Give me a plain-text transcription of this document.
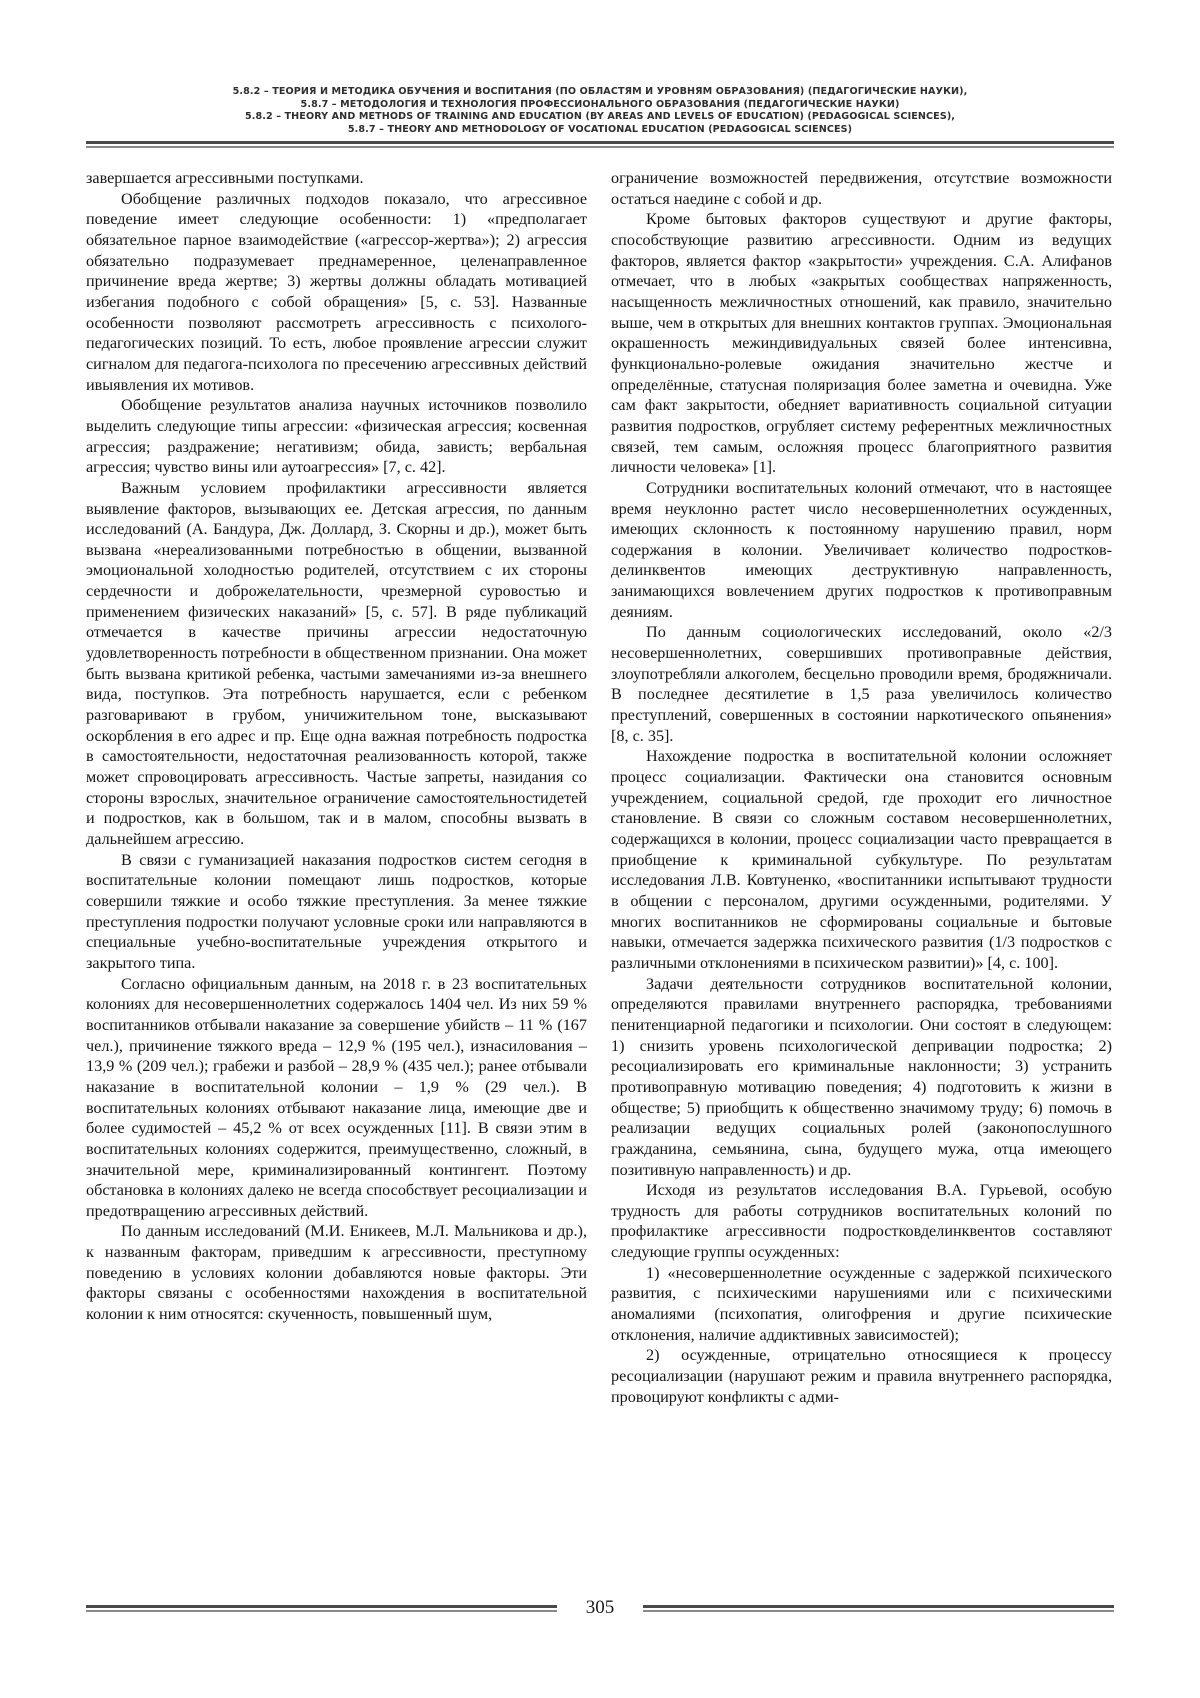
5.8.2 – ТЕОРИЯ И МЕТОДИКА ОБУЧЕНИЯ И ВОСПИТАНИЯ (ПО ОБЛАСТЯМ И УРОВНЯМ ОБРАЗОВАНИЯ) (ПЕДАГОГИЧЕСКИЕ НАУКИ),
5.8.7 – МЕТОДОЛОГИЯ И ТЕХНОЛОГИЯ ПРОФЕССИОНАЛЬНОГО ОБРАЗОВАНИЯ (ПЕДАГОГИЧЕСКИЕ НАУКИ)
5.8.2 – THEORY AND METHODS OF TRAINING AND EDUCATION (BY AREAS AND LEVELS OF EDUCATION) (PEDAGOGICAL SCIENCES),
5.8.7 – THEORY AND METHODOLOGY OF VOCATIONAL EDUCATION (PEDAGOGICAL SCIENCES)

завершается агрессивными поступками.

Обобщение различных подходов показало, что агрессивное поведение имеет следующие особенности: 1) «предполагает обязательное парное взаимодействие («агрессор-жертва»); 2) агрессия обязательно подразумевает преднамеренное, целенаправленное причинение вреда жертве; 3) жертвы должны обладать мотивацией избегания подобного с собой обращения» [5, с. 53]. Названные особенности позволяют рассмотреть агрессивность с психолого-педагогических позиций. То есть, любое проявление агрессии служит сигналом для педагога-психолога по пресечению агрессивных действий ивыявления их мотивов.

Обобщение результатов анализа научных источников позволило выделить следующие типы агрессии: «физическая агрессия; косвенная агрессия; раздражение; негативизм; обида, зависть; вербальная агрессия; чувство вины или аутоагрессия» [7, с. 42].

Важным условием профилактики агрессивности является выявление факторов, вызывающих ее. Детская агрессия, по данным исследований (А. Бандура, Дж. Доллард, З. Скорны и др.), может быть вызвана «нереализованными потребностью в общении, вызванной эмоциональной холодностью родителей, отсутствием с их стороны сердечности и доброжелательности, чрезмерной суровостью и применением физических наказаний» [5, с. 57]. В ряде публикаций отмечается в качестве причины агрессии недостаточную удовлетворенность потребности в общественном признании. Она может быть вызвана критикой ребенка, частыми замечаниями из-за внешнего вида, поступков. Эта потребность нарушается, если с ребенком разговаривают в грубом, уничижительном тоне, высказывают оскорбления в его адрес и пр. Еще одна важная потребность подростка в самостоятельности, недостаточная реализованность которой, также может спровоцировать агрессивность. Частые запреты, назидания со стороны взрослых, значительное ограничение самостоятельностидетей и подростков, как в большом, так и в малом, способны вызвать в дальнейшем агрессию.

В связи с гуманизацией наказания подростков систем сегодня в воспитательные колонии помещают лишь подростков, которые совершили тяжкие и особо тяжкие преступления. За менее тяжкие преступления подростки получают условные сроки или направляются в специальные учебно-воспитательные учреждения открытого и закрытого типа.

Согласно официальным данным, на 2018 г. в 23 воспитательных колониях для несовершеннолетних содержалось 1404 чел. Из них 59 % воспитанников отбывали наказание за совершение убийств – 11 % (167 чел.), причинение тяжкого вреда – 12,9 % (195 чел.), изнасилования – 13,9 % (209 чел.); грабежи и разбой – 28,9 % (435 чел.); ранее отбывали наказание в воспитательной колонии – 1,9 % (29 чел.). В воспитательных колониях отбывают наказание лица, имеющие две и более судимостей – 45,2 % от всех осужденных [11]. В связи этим в воспитательных колониях содержится, преимущественно, сложный, в значительной мере, криминализированный контингент. Поэтому обстановка в колониях далеко не всегда способствует ресоциализации и предотвращению агрессивных действий.

По данным исследований (М.И. Еникеев, М.Л. Мальникова и др.), к названным факторам, приведшим к агрессивности, преступному поведению в условиях колонии добавляются новые факторы. Эти факторы связаны с особенностями нахождения в воспитательной колонии к ним относятся: скученность, повышенный шум,

ограничение возможностей передвижения, отсутствие возможности остаться наедине с собой и др.

Кроме бытовых факторов существуют и другие факторы, способствующие развитию агрессивности. Одним из ведущих факторов, является фактор «закрытости» учреждения. С.А. Алифанов отмечает, что в любых «закрытых сообществах напряженность, насыщенность межличностных отношений, как правило, значительно выше, чем в открытых для внешних контактов группах. Эмоциональная окрашенность межиндивидуальных связей более интенсивна, функционально-ролевые ожидания значительно жестче и определённые, статусная поляризация более заметна и очевидна. Уже сам факт закрытости, обедняет вариативность социальной ситуации развития подростков, огрубляет систему референтных межличностных связей, тем самым, осложняя процесс благоприятного развития личности человека» [1].

Сотрудники воспитательных колоний отмечают, что в настоящее время неуклонно растет число несовершеннолетних осужденных, имеющих склонность к постоянному нарушению правил, норм содержания в колонии. Увеличивает количество подростков-делинквентов имеющих деструктивную направленность, занимающихся вовлечением других подростков к противоправным деяниям.

По данным социологических исследований, около «2/3 несовершеннолетних, совершивших противоправные действия, злоупотребляли алкоголем, бесцельно проводили время, бродяжничали. В последнее десятилетие в 1,5 раза увеличилось количество преступлений, совершенных в состоянии наркотического опьянения» [8, с. 35].

Нахождение подростка в воспитательной колонии осложняет процесс социализации. Фактически она становится основным учреждением, социальной средой, где проходит его личностное становление. В связи со сложным составом несовершеннолетних, содержащихся в колонии, процесс социализации часто превращается в приобщение к криминальной субкультуре. По результатам исследования Л.В. Ковтуненко, «воспитанники испытывают трудности в общении с персоналом, другими осужденными, родителями. У многих воспитанников не сформированы социальные и бытовые навыки, отмечается задержка психического развития (1/3 подростков с различными отклонениями в психическом развитии)» [4, с. 100].

Задачи деятельности сотрудников воспитательной колонии, определяются правилами внутреннего распорядка, требованиями пенитенциарной педагогики и психологии. Они состоят в следующем: 1) снизить уровень психологической депривации подростка; 2) ресоциализировать его криминальные наклонности; 3) устранить противоправную мотивацию поведения; 4) подготовить к жизни в обществе; 5) приобщить к общественно значимому труду; 6) помочь в реализации ведущих социальных ролей (законопослушного гражданина, семьянина, сына, будущего мужа, отца имеющего позитивную направленность) и др.

Исходя из результатов исследования В.А. Гурьевой, особую трудность для работы сотрудников воспитательных колоний по профилактике агрессивности подростковделинквентов составляют следующие группы осужденных:

1) «несовершеннолетние осужденные с задержкой психического развития, с психическими нарушениями или с психическими аномалиями (психопатия, олигофрения и другие психические отклонения, наличие аддиктивных зависимостей);

2) осужденные, отрицательно относящиеся к процессу ресоциализации (нарушают режим и правила внутреннего распорядка, провоцируют конфликты с адми-

305
